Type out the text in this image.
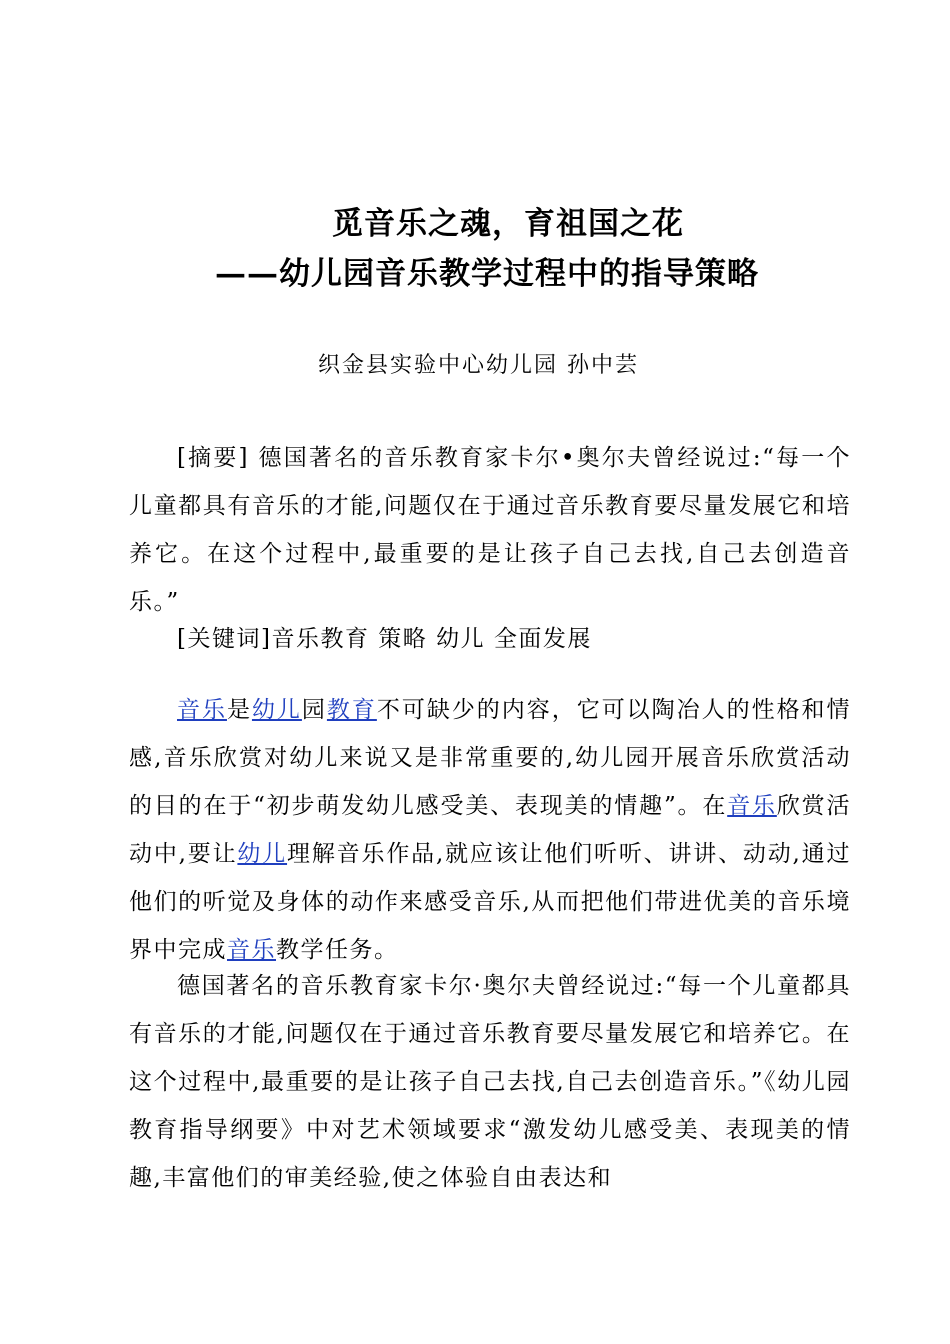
觅音乐之魂，育祖国之花
——幼儿园音乐教学过程中的指导策略
织金县实验中心幼儿园 孙中芸

[摘要] 德国著名的音乐教育家卡尔•奥尔夫曾经说过:“每一个儿童都具有音乐的才能,问题仅在于通过音乐教育要尽量发展它和培养它。在这个过程中,最重要的是让孩子自己去找,自己去创造音乐。”

[关键词]音乐教育 策略 幼儿 全面发展

音乐是幼儿园教育不可缺少的内容，它可以陶冶人的性格和情感,音乐欣赏对幼儿来说又是非常重要的,幼儿园开展音乐欣赏活动的目的在于“初步萌发幼儿感受美、表现美的情趣”。在音乐欣赏活动中,要让幼儿理解音乐作品,就应该让他们听听、讲讲、动动,通过他们的听觉及身体的动作来感受音乐,从而把他们带进优美的音乐境界中完成音乐教学任务。

德国著名的音乐教育家卡尔·奥尔夫曾经说过:“每一个儿童都具有音乐的才能,问题仅在于通过音乐教育要尽量发展它和培养它。在这个过程中,最重要的是让孩子自己去找,自己去创造音乐。”《幼儿园教育指导纲要》中对艺术领域要求“激发幼儿感受美、表现美的情趣,丰富他们的审美经验,使之体验自由表达和
